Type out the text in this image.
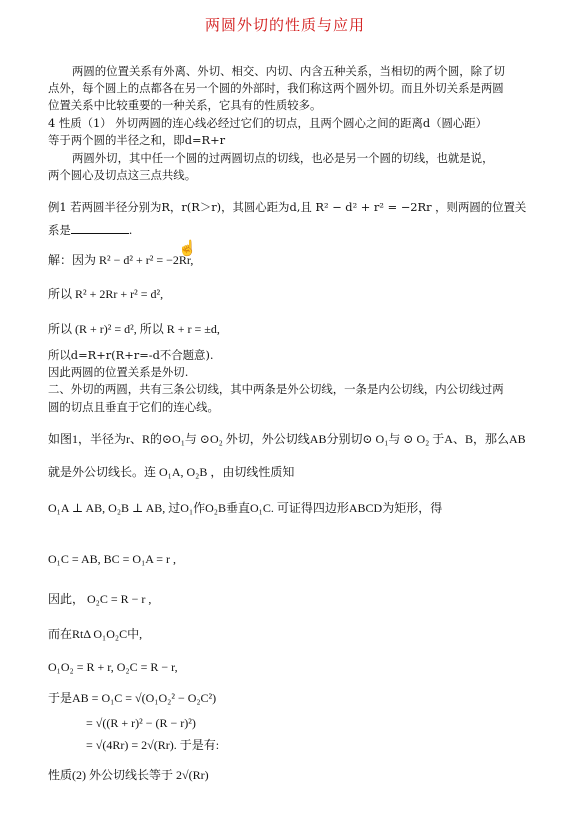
两圆外切的性质与应用
两圆的位置关系有外离、外切、相交、内切、内含五种关系，当相切的两个圆，除了切
点外，每个圆上的点都各在另一个圆的外部时，我们称这两个圆外切。而且外切关系是两圆
位置关系中比较重要的一种关系，它具有的性质较多。
4 性质（1） 外切两圆的连心线必经过它们的切点，且两个圆心之间的距离d（圆心距）
等于两个圆的半径之和，即d=R+r
两圆外切，其中任一个圆的过两圆切点的切线，也必是另一个圆的切线，也就是说，
两个圆心及切点这三点共线。
例1 若两圆半径分别为R，r(R＞r)，其圆心距为d,且 R² − d² + r² = −2Rr ，则两圆的位置关
系是	.
☝
解：因为 R² − d² + r² = −2Rr,
所以 R² + 2Rr + r² = d²,
所以 (R + r)² = d², 所以 R + r = ±d,
所以d=R+r(R+r=-d不合题意).
因此两圆的位置关系是外切.
二、外切的两圆，共有三条公切线，其中两条是外公切线，一条是内公切线，内公切线过两
圆的切点且垂直于它们的连心线。
如图1，半径为r、R的⊙O₁与 ⊙O₂ 外切，外公切线AB分别切⊙ O₁与 ⊙ O₂ 于A、B，那么AB
就是外公切线长。连 O₁A, O₂B ，由切线性质知
O₁A ⊥ AB, O₂B ⊥ AB, 过O₁作O₂B垂直O₁C. 可证得四边形ABCD为矩形，得
O₁C = AB, BC = O₁A = r ,
因此， O₂C = R − r ,
而在RtΔ O₁O₂C中,
O₁O₂ = R + r, O₂C = R − r,
于是AB = O₁C = √(O₁O₂² − O₂C²)
= √((R + r)² − (R − r)²)
= √(4Rr) = 2√(Rr). 于是有:
性质(2) 外公切线长等于 2√(Rr)
